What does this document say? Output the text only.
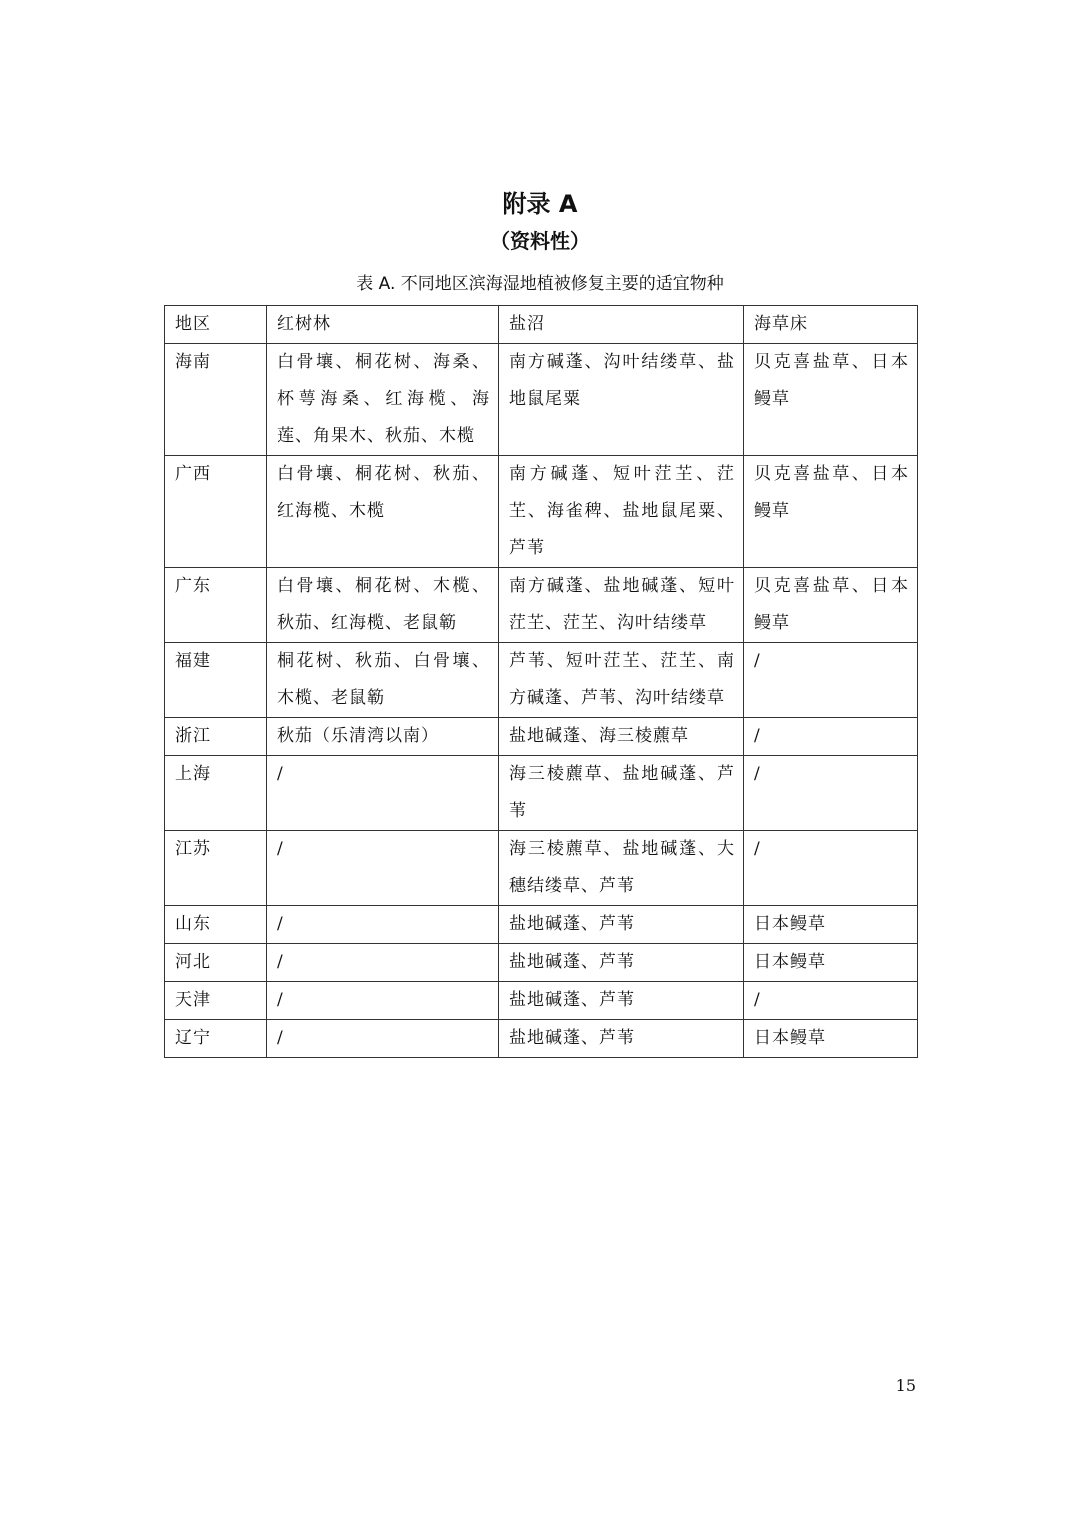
附录 A
（资料性）
表 A. 不同地区滨海湿地植被修复主要的适宜物种
地区	红树林	盐沼	海草床
海南	白骨壤、桐花树、海桑、杯萼海桑、红海榄、海莲、角果木、秋茄、木榄	南方碱蓬、沟叶结缕草、盐地鼠尾粟	贝克喜盐草、日本鳗草
广西	白骨壤、桐花树、秋茄、红海榄、木榄	南方碱蓬、短叶茳芏、茳芏、海雀稗、盐地鼠尾粟、芦苇	贝克喜盐草、日本鳗草
广东	白骨壤、桐花树、木榄、秋茄、红海榄、老鼠簕	南方碱蓬、盐地碱蓬、短叶茳芏、茳芏、沟叶结缕草	贝克喜盐草、日本鳗草
福建	桐花树、秋茄、白骨壤、木榄、老鼠簕	芦苇、短叶茳芏、茳芏、南方碱蓬、芦苇、沟叶结缕草	/
浙江	秋茄（乐清湾以南）	盐地碱蓬、海三棱藨草	/
上海	/	海三棱藨草、盐地碱蓬、芦苇	/
江苏	/	海三棱藨草、盐地碱蓬、大穗结缕草、芦苇	/
山东	/	盐地碱蓬、芦苇	日本鳗草
河北	/	盐地碱蓬、芦苇	日本鳗草
天津	/	盐地碱蓬、芦苇	/
辽宁	/	盐地碱蓬、芦苇	日本鳗草
15
